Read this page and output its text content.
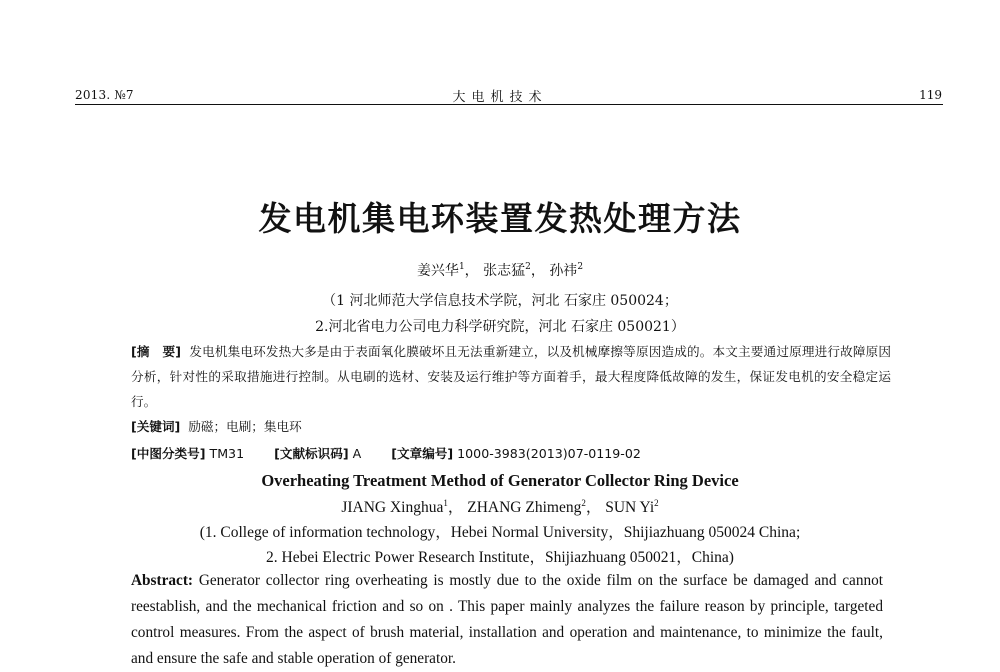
2013. №7	大电机技术	119
发电机集电环装置发热处理方法
姜兴华$^1$， 张志猛$^2$， 孙祎$^2$
（1 河北师范大学信息技术学院，河北 石家庄 050024；
2.河北省电力公司电力科学研究院，河北 石家庄 050021）
[摘　要] 发电机集电环发热大多是由于表面氧化膜破坏且无法重新建立，以及机械摩擦等原因造成的。本文主要通过原理进行故障原因分析，针对性的采取措施进行控制。从电刷的选材、安装及运行维护等方面着手，最大程度降低故障的发生，保证发电机的安全稳定运行。
[关键词] 励磁；电刷；集电环
[中图分类号] TM31 [文献标识码] A [文章编号] 1000-3983(2013)07-0119-02
Overheating Treatment Method of Generator Collector Ring Device
JIANG Xinghua$^1$， ZHANG Zhimeng$^2$， SUN Yi$^2$
(1. College of information technology，Hebei Normal University，Shijiazhuang 050024 China;
2. Hebei Electric Power Research Institute，Shijiazhuang 050021，China)
Abstract: Generator collector ring overheating is mostly due to the oxide film on the surface be damaged and cannot reestablish, and the mechanical friction and so on . This paper mainly analyzes the failure reason by principle, targeted control measures. From the aspect of brush material, installation and operation and maintenance, to minimize the fault, and ensure the safe and stable operation of generator.
